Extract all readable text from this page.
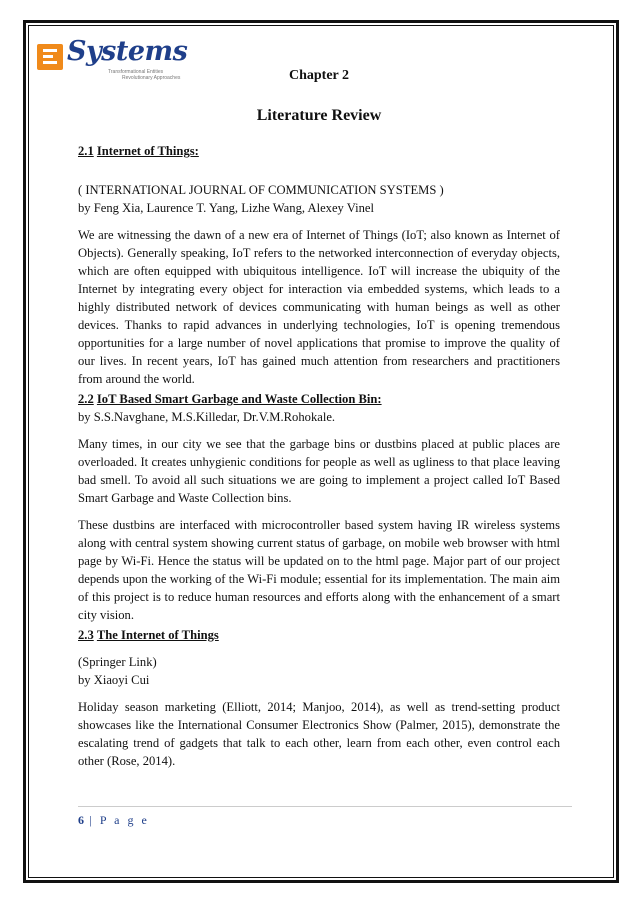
Systems
Transformational Entities
Revolutionary Approaches	Chapter 2
Literature Review
2.1 Internet of Things:
( INTERNATIONAL JOURNAL OF COMMUNICATION SYSTEMS )
by Feng Xia, Laurence T. Yang, Lizhe Wang, Alexey Vinel
We are witnessing the dawn of a new era of Internet of Things (IoT; also known as Internet of Objects). Generally speaking, IoT refers to the networked interconnection of everyday objects, which are often equipped with ubiquitous intelligence. IoT will increase the ubiquity of the Internet by integrating every object for interaction via embedded systems, which leads to a highly distributed network of devices communicating with human beings as well as other devices. Thanks to rapid advances in underlying technologies, IoT is opening tremendous opportunities for a large number of novel applications that promise to improve the quality of our lives. In recent years, IoT has gained much attention from researchers and practitioners from around the world.
2.2 IoT Based Smart Garbage and Waste Collection Bin:
by S.S.Navghane, M.S.Killedar, Dr.V.M.Rohokale.
Many times, in our city we see that the garbage bins or dustbins placed at public places are overloaded. It creates unhygienic conditions for people as well as ugliness to that place leaving bad smell. To avoid all such situations we are going to implement a project called IoT Based Smart Garbage and Waste Collection bins.
These dustbins are interfaced with microcontroller based system having IR wireless systems along with central system showing current status of garbage, on mobile web browser with html page by Wi-Fi. Hence the status will be updated on to the html page. Major part of our project depends upon the working of the Wi-Fi module; essential for its implementation. The main aim of this project is to reduce human resources and efforts along with the enhancement of a smart city vision.
2.3 The Internet of Things
(Springer Link)
by Xiaoyi Cui
Holiday season marketing (Elliott, 2014; Manjoo, 2014), as well as trend-setting product showcases like the International Consumer Electronics Show (Palmer, 2015), demonstrate the escalating trend of gadgets that talk to each other, learn from each other, even control each other (Rose, 2014).
6 | P a g e
